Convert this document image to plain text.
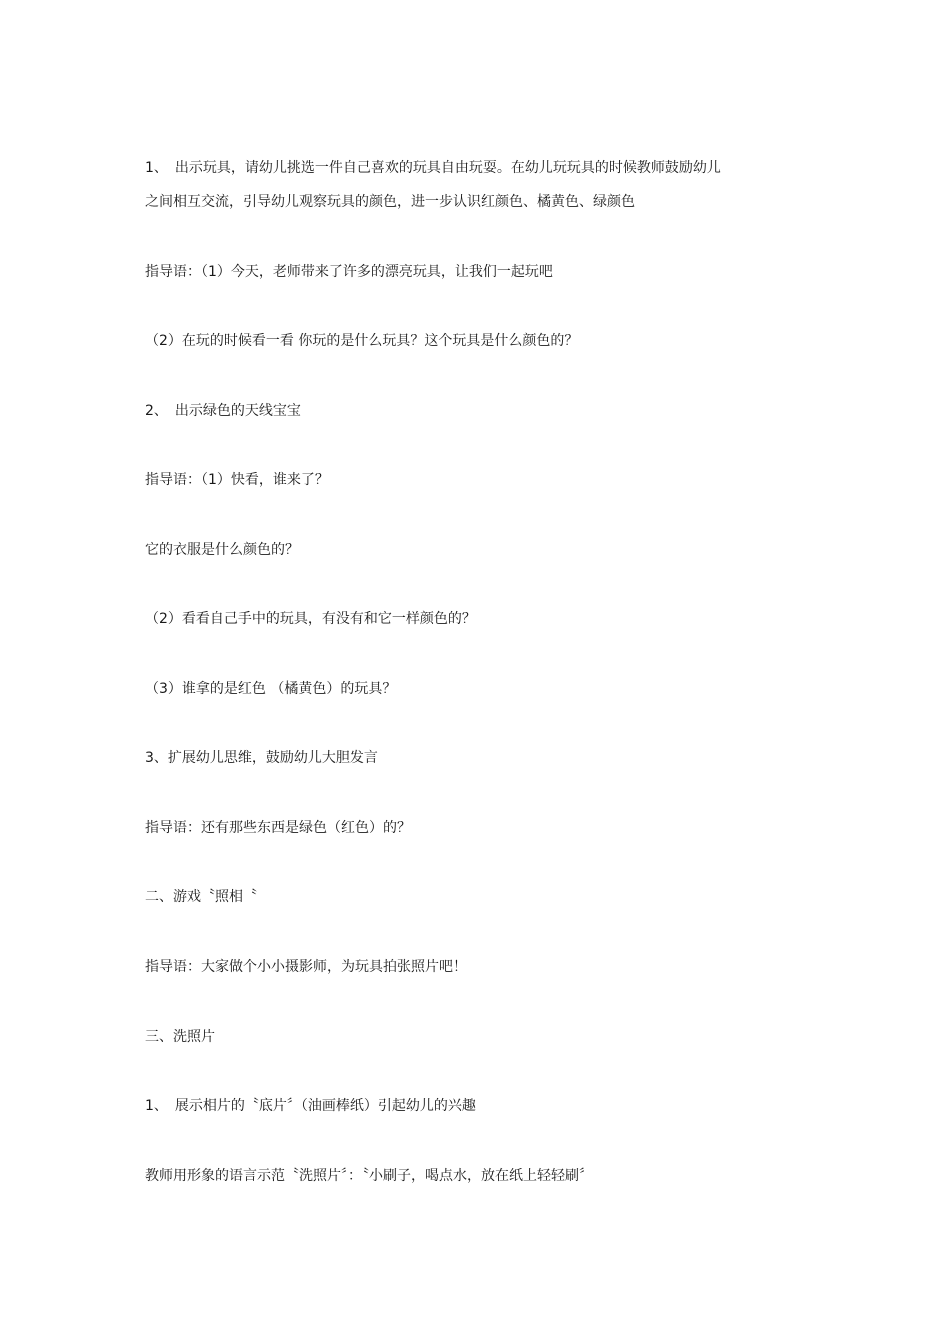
1、　出示玩具，请幼儿挑选一件自己喜欢的玩具自由玩耍。在幼儿玩玩具的时候教师鼓励幼儿

之间相互交流，引导幼儿观察玩具的颜色，进一步认识红颜色、橘黄色、绿颜色

指导语：（1）今天，老师带来了许多的漂亮玩具，让我们一起玩吧

（2）在玩的时候看一看 你玩的是什么玩具？这个玩具是什么颜色的？

2、　出示绿色的天线宝宝

指导语：（1）快看，谁来了？

它的衣服是什么颜色的？

（2）看看自己手中的玩具，有没有和它一样颜色的？

（3）谁拿的是红色 （橘黄色）的玩具？

3、扩展幼儿思维，鼓励幼儿大胆发言

指导语：还有那些东西是绿色（红色）的？

二、游戏〝照相〝

指导语：大家做个小小摄影师，为玩具拍张照片吧！

三、洗照片

1、　展示相片的〝底片〞（油画棒纸）引起幼儿的兴趣

教师用形象的语言示范〝洗照片〞：〝小刷子，喝点水，放在纸上轻轻刷〞
